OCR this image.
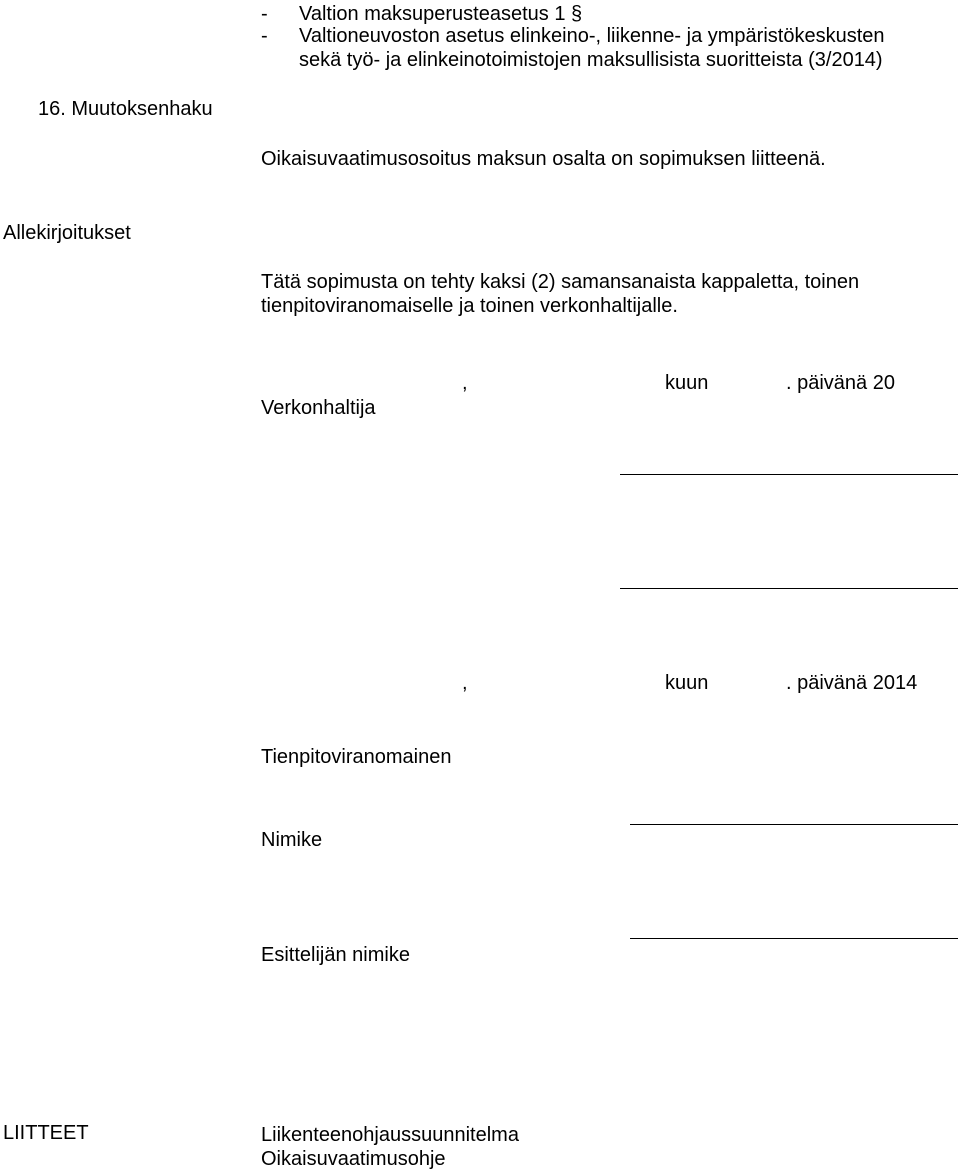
- Valtion maksuperusteasetus 1 §
- Valtioneuvoston asetus elinkeino-, liikenne- ja ympäristökeskusten
sekä työ- ja elinkeinotoimistojen maksullisista suoritteista (3/2014)
16. Muutoksenhaku
Oikaisuvaatimusosoitus maksun osalta on sopimuksen liitteenä.
Allekirjoitukset
Tätä sopimusta on tehty kaksi (2) samansanaista kappaletta, toinen
tienpitoviranomaiselle ja toinen verkonhaltijalle.
,	kuun	. päivänä 20
Verkonhaltija
,	kuun	. päivänä 2014
Tienpitoviranomainen
Nimike
Esittelijän nimike
LIITTEET	Liikenteenohjaussuunnitelma
Oikaisuvaatimusohje
